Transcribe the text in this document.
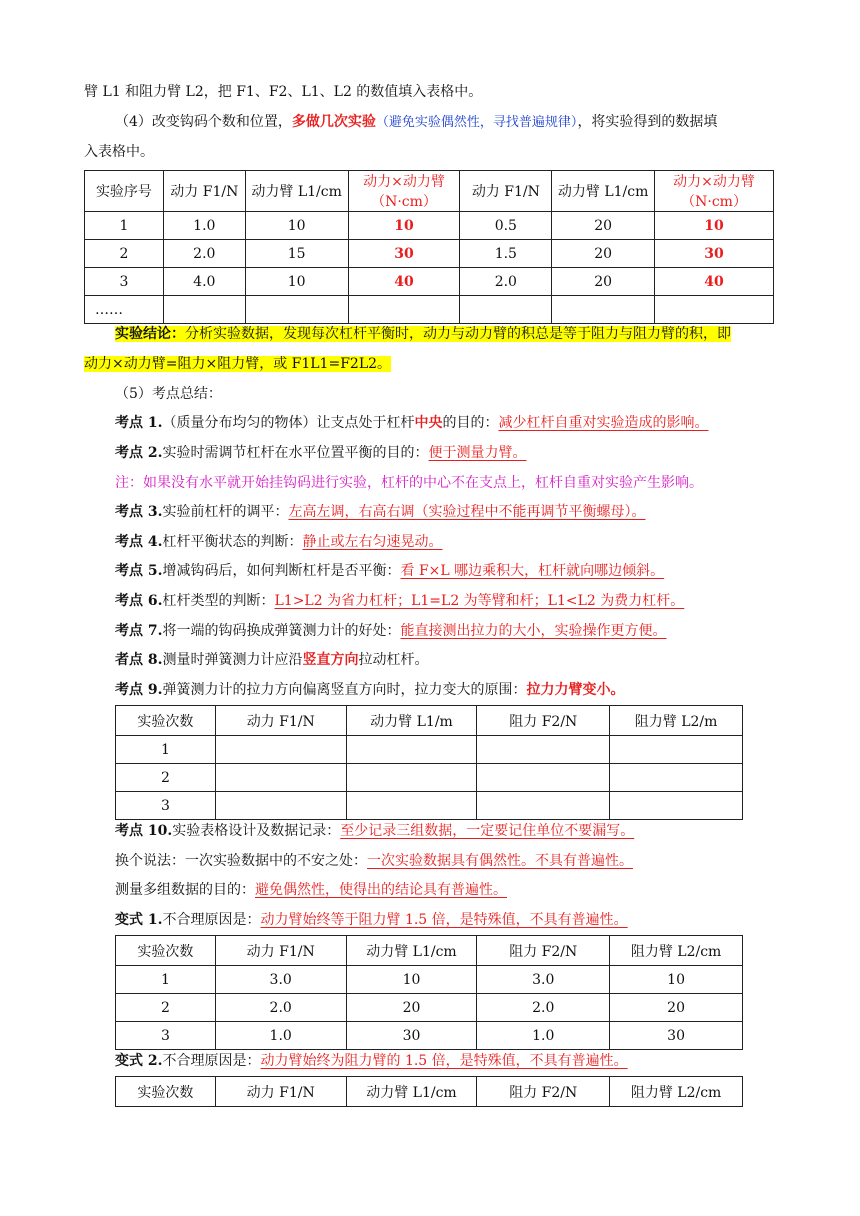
臂 L1 和阻力臂 L2，把 F1、F2、L1、L2 的数值填入表格中。
（4）改变钩码个数和位置，多做几次实验（避免实验偶然性，寻找普遍规律），将实验得到的数据填
入表格中。
实验序号	动力 F1/N	动力臂 L1/cm	动力×动力臂（N·cm）	动力 F1/N	动力臂 L1/cm	动力×动力臂（N·cm）
1	1.0	10	10	0.5	20	10
2	2.0	15	30	1.5	20	30
3	4.0	10	40	2.0	20	40
……						
实验结论：分析实验数据，发现每次杠杆平衡时，动力与动力臂的积总是等于阻力与阻力臂的积，即
动力×动力臂=阻力×阻力臂，或 F1L1=F2L2。
（5）考点总结：
考点 1.（质量分布均匀的物体）让支点处于杠杆中央的目的：减少杠杆自重对实验造成的影响。
考点 2.实验时需调节杠杆在水平位置平衡的目的：便于测量力臂。
注：如果没有水平就开始挂钩码进行实验，杠杆的中心不在支点上，杠杆自重对实验产生影响。
考点 3.实验前杠杆的调平：左高左调，右高右调（实验过程中不能再调节平衡螺母）。
考点 4.杠杆平衡状态的判断：静止或左右匀速晃动。
考点 5.增减钩码后，如何判断杠杆是否平衡：看 F×L 哪边乘积大，杠杆就向哪边倾斜。
考点 6.杠杆类型的判断：L1>L2 为省力杠杆；L1=L2 为等臂和杆；L1<L2 为费力杠杆。
考点 7.将一端的钩码换成弹簧测力计的好处：能直接测出拉力的大小，实验操作更方便。
者点 8.测量时弹簧测力计应沿竖直方向拉动杠杆。
考点 9.弹簧测力计的拉力方向偏离竖直方向时，拉力变大的原围：拉力力臂变小。
实验次数	动力 F1/N	动力臂 L1/m	阻力 F2/N	阻力臂 L2/m
1				
2				
3				
考点 10.实验表格设计及数据记录：至少记录三组数据，一定要记住单位不要漏写。
换个说法：一次实验数据中的不安之处：一次实验数据具有偶然性。不具有普遍性。
测量多组数据的目的：避免偶然性，使得出的结论具有普遍性。
变式 1.不合理原因是：动力臂始终等于阻力臂 1.5 倍，是特殊值，不具有普遍性。
实验次数	动力 F1/N	动力臂 L1/cm	阻力 F2/N	阻力臂 L2/cm
1	3.0	10	3.0	10
2	2.0	20	2.0	20
3	1.0	30	1.0	30
变式 2.不合理原因是：动力臂始终为阻力臂的 1.5 倍，是特殊值，不具有普遍性。
实验次数	动力 F1/N	动力臂 L1/cm	阻力 F2/N	阻力臂 L2/cm
